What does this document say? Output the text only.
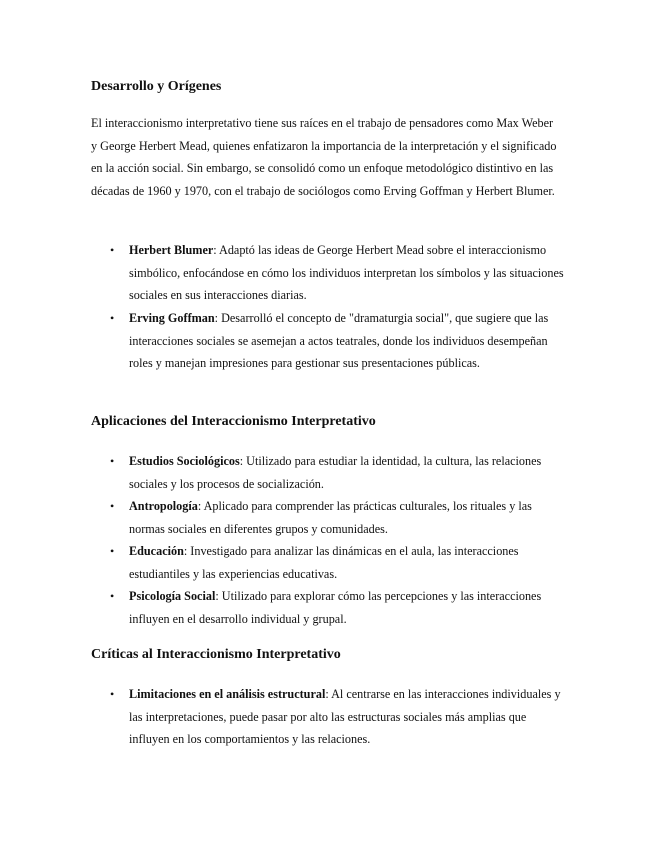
Desarrollo y Orígenes

El interaccionismo interpretativo tiene sus raíces en el trabajo de pensadores como Max Weber y George Herbert Mead, quienes enfatizaron la importancia de la interpretación y el significado en la acción social. Sin embargo, se consolidó como un enfoque metodológico distintivo en las décadas de 1960 y 1970, con el trabajo de sociólogos como Erving Goffman y Herbert Blumer.

• Herbert Blumer: Adaptó las ideas de George Herbert Mead sobre el interaccionismo simbólico, enfocándose en cómo los individuos interpretan los símbolos y las situaciones sociales en sus interacciones diarias.
• Erving Goffman: Desarrolló el concepto de "dramaturgia social", que sugiere que las interacciones sociales se asemejan a actos teatrales, donde los individuos desempeñan roles y manejan impresiones para gestionar sus presentaciones públicas.
Aplicaciones del Interaccionismo Interpretativo
• Estudios Sociológicos: Utilizado para estudiar la identidad, la cultura, las relaciones sociales y los procesos de socialización.
• Antropología: Aplicado para comprender las prácticas culturales, los rituales y las normas sociales en diferentes grupos y comunidades.
• Educación: Investigado para analizar las dinámicas en el aula, las interacciones estudiantiles y las experiencias educativas.
• Psicología Social: Utilizado para explorar cómo las percepciones y las interacciones influyen en el desarrollo individual y grupal.
Críticas al Interaccionismo Interpretativo
• Limitaciones en el análisis estructural: Al centrarse en las interacciones individuales y las interpretaciones, puede pasar por alto las estructuras sociales más amplias que influyen en los comportamientos y las relaciones.
